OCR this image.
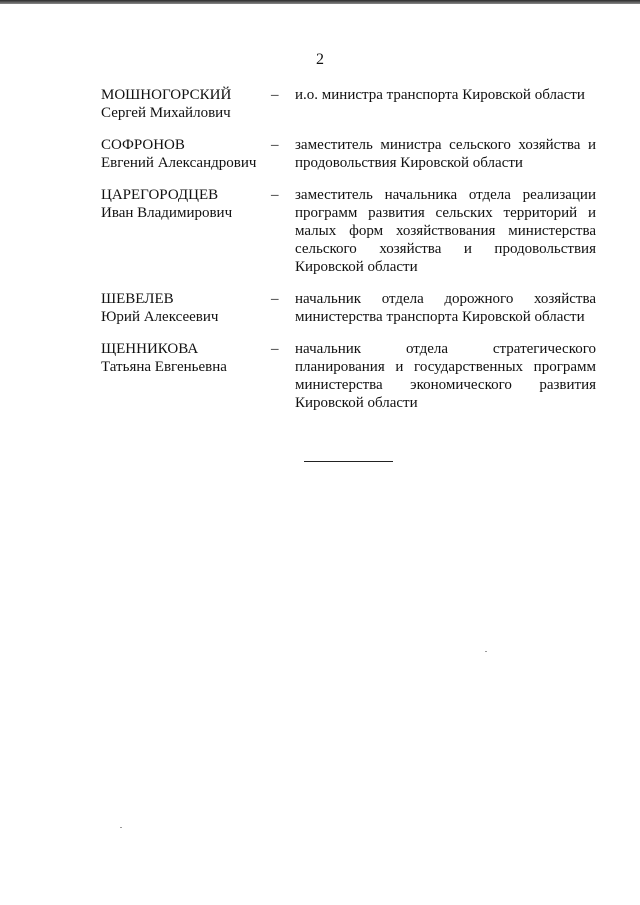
2
МОШНОГОРСКИЙ
Сергей Михайлович
–	и.о. министра транспорта Кировской области
СОФРОНОВ
Евгений Александрович
–	заместитель министра сельского хозяйства и продовольствия Кировской области
ЦАРЕГОРОДЦЕВ
Иван Владимирович
–	заместитель начальника отдела реализации программ развития сельских территорий и малых форм хозяйствования министерства сельского хозяйства и продовольствия Кировской области
ШЕВЕЛЕВ
Юрий Алексеевич
–	начальник отдела дорожного хозяйства министерства транспорта Кировской области
ЩЕННИКОВА
Татьяна Евгеньевна
–	начальник отдела стратегического планирования и государственных программ министерства экономического развития Кировской области
